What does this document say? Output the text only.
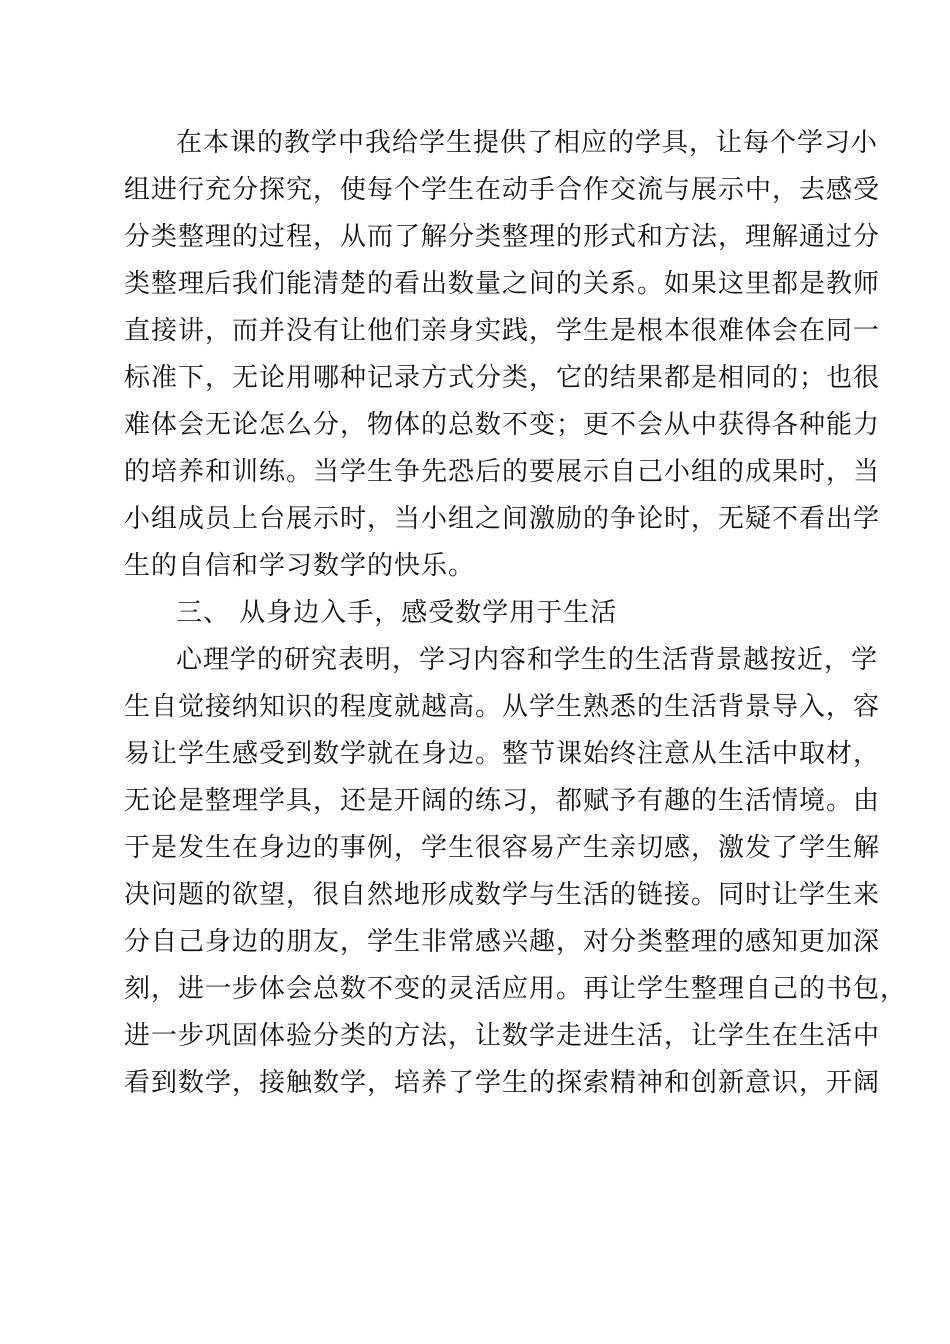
在本课的教学中我给学生提供了相应的学具，让每个学习小
组进行充分探究，使每个学生在动手合作交流与展示中，去感受
分类整理的过程，从而了解分类整理的形式和方法，理解通过分
类整理后我们能清楚的看出数量之间的关系。如果这里都是教师
直接讲，而并没有让他们亲身实践，学生是根本很难体会在同一
标准下，无论用哪种记录方式分类，它的结果都是相同的；也很
难体会无论怎么分，物体的总数不变；更不会从中获得各种能力
的培养和训练。当学生争先恐后的要展示自己小组的成果时，当
小组成员上台展示时，当小组之间激励的争论时，无疑不看出学
生的自信和学习数学的快乐。
三、 从身边入手，感受数学用于生活
心理学的研究表明，学习内容和学生的生活背景越按近，学
生自觉接纳知识的程度就越高。从学生熟悉的生活背景导入，容
易让学生感受到数学就在身边。整节课始终注意从生活中取材，
无论是整理学具，还是开阔的练习，都赋予有趣的生活情境。由
于是发生在身边的事例，学生很容易产生亲切感，激发了学生解
决问题的欲望，很自然地形成数学与生活的链接。同时让学生来
分自己身边的朋友，学生非常感兴趣，对分类整理的感知更加深
刻，进一步体会总数不变的灵活应用。再让学生整理自己的书包，
进一步巩固体验分类的方法，让数学走进生活，让学生在生活中
看到数学，接触数学，培养了学生的探索精神和创新意识，开阔
